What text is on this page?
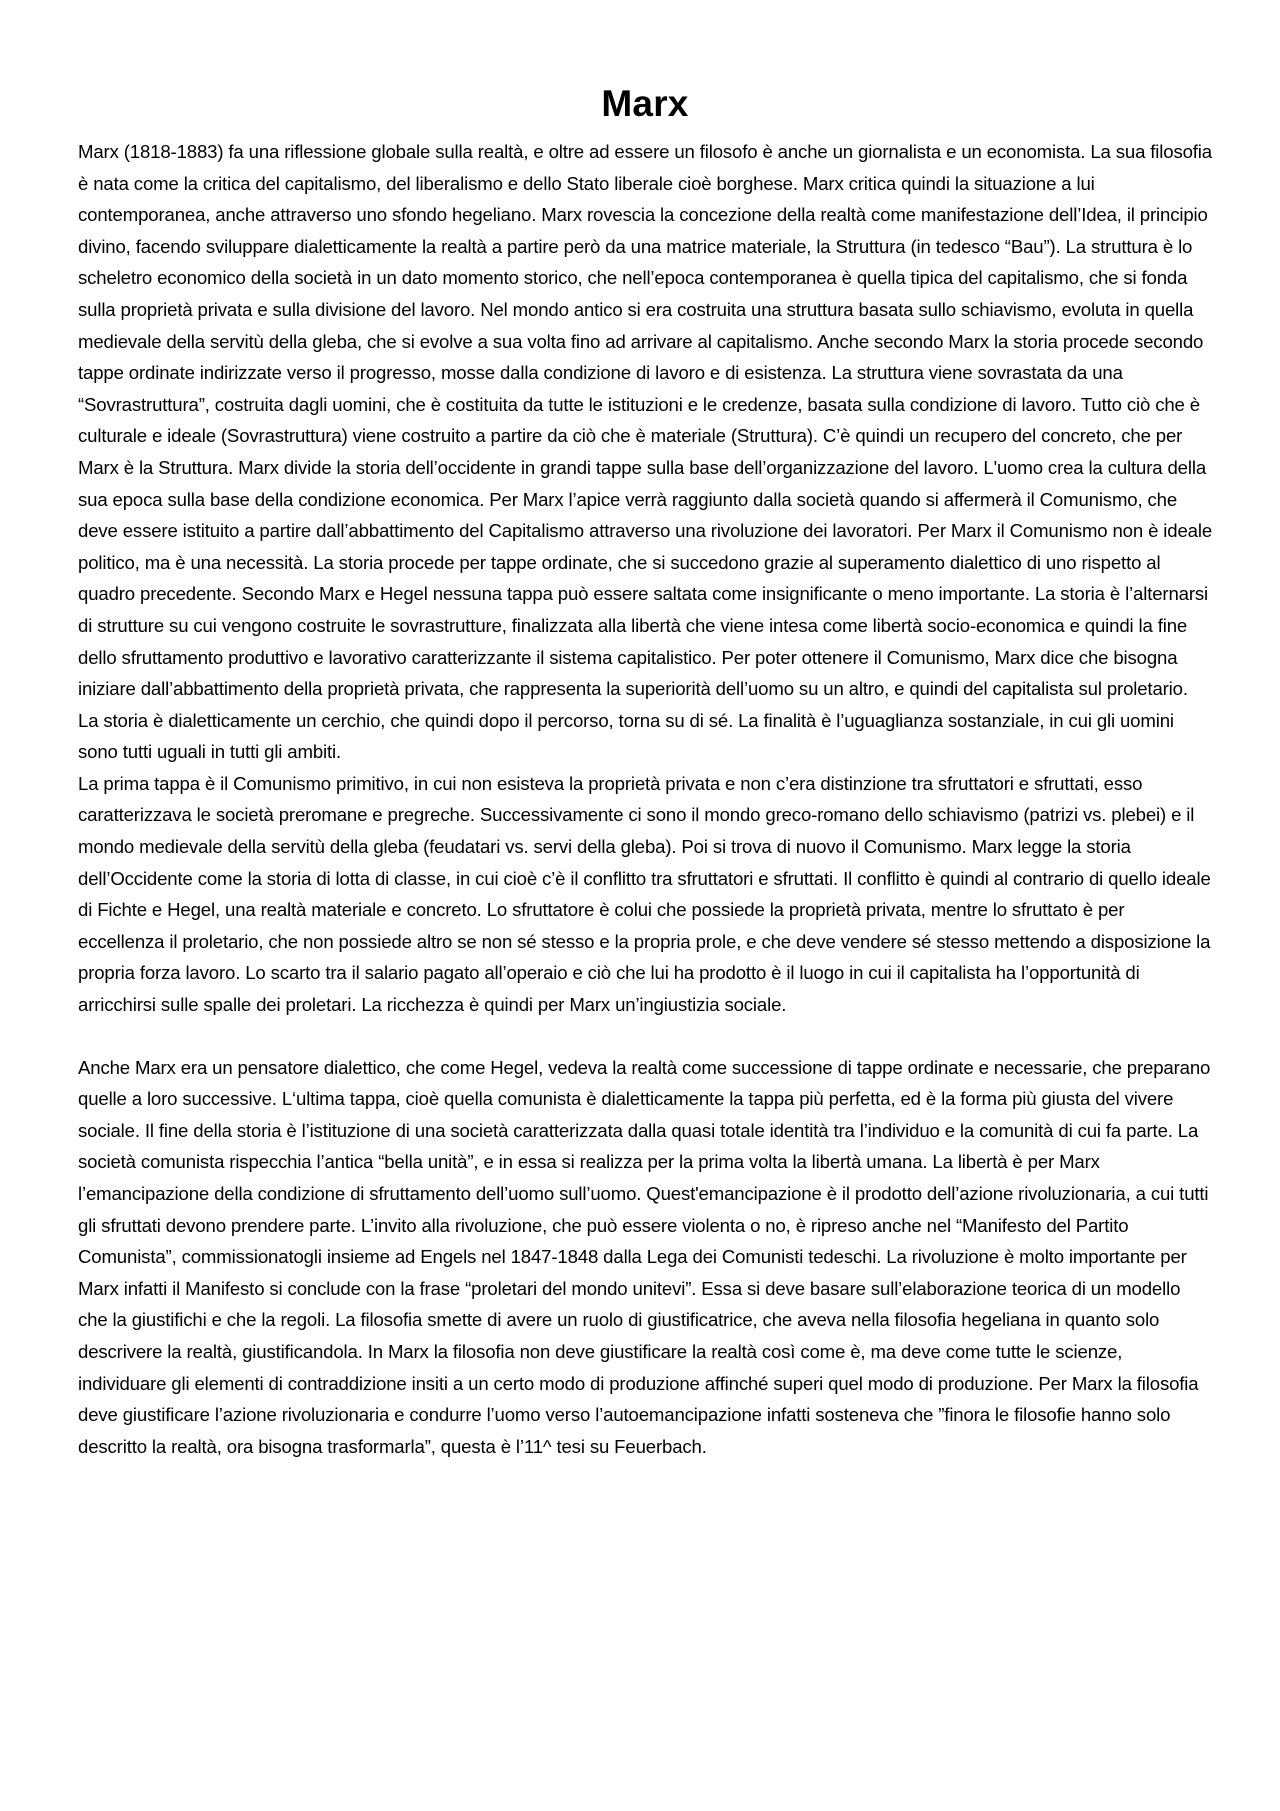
Marx

Marx (1818-1883) fa una riflessione globale sulla realtà, e oltre ad essere un filosofo è anche un giornalista e un economista. La sua filosofia è nata come la critica del capitalismo, del liberalismo e dello Stato liberale cioè borghese. Marx critica quindi la situazione a lui contemporanea, anche attraverso uno sfondo hegeliano. Marx rovescia la concezione della realtà come manifestazione dell’Idea, il principio divino, facendo sviluppare dialetticamente la realtà a partire però da una matrice materiale, la Struttura (in tedesco “Bau”). La struttura è lo scheletro economico della società in un dato momento storico, che nell’epoca contemporanea è quella tipica del capitalismo, che si fonda sulla proprietà privata e sulla divisione del lavoro. Nel mondo antico si era costruita una struttura basata sullo schiavismo, evoluta in quella medievale della servitù della gleba, che si evolve a sua volta fino ad arrivare al capitalismo. Anche secondo Marx la storia procede secondo tappe ordinate indirizzate verso il progresso, mosse dalla condizione di lavoro e di esistenza. La struttura viene sovrastata da una “Sovrastruttura”, costruita dagli uomini, che è costituita da tutte le istituzioni e le credenze, basata sulla condizione di lavoro. Tutto ciò che è culturale e ideale (Sovrastruttura) viene costruito a partire da ciò che è materiale (Struttura). C’è quindi un recupero del concreto, che per Marx è la Struttura. Marx divide la storia dell’occidente in grandi tappe sulla base dell’organizzazione del lavoro. L'uomo crea la cultura della sua epoca sulla base della condizione economica. Per Marx l’apice verrà raggiunto dalla società quando si affermerà il Comunismo, che deve essere istituito a partire dall’abbattimento del Capitalismo attraverso una rivoluzione dei lavoratori. Per Marx il Comunismo non è ideale politico, ma è una necessità. La storia procede per tappe ordinate, che si succedono grazie al superamento dialettico di uno rispetto al quadro precedente. Secondo Marx e Hegel nessuna tappa può essere saltata come insignificante o meno importante. La storia è l’alternarsi di strutture su cui vengono costruite le sovrastrutture, finalizzata alla libertà che viene intesa come libertà socio-economica e quindi la fine dello sfruttamento produttivo e lavorativo caratterizzante il sistema capitalistico. Per poter ottenere il Comunismo, Marx dice che bisogna iniziare dall’abbattimento della proprietà privata, che rappresenta la superiorità dell’uomo su un altro, e quindi del capitalista sul proletario. La storia è dialetticamente un cerchio, che quindi dopo il percorso, torna su di sé. La finalità è l’uguaglianza sostanziale, in cui gli uomini sono tutti uguali in tutti gli ambiti.

La prima tappa è il Comunismo primitivo, in cui non esisteva la proprietà privata e non c’era distinzione tra sfruttatori e sfruttati, esso caratterizzava le società preromane e pregreche. Successivamente ci sono il mondo greco-romano dello schiavismo (patrizi vs. plebei) e il mondo medievale della servitù della gleba (feudatari vs. servi della gleba). Poi si trova di nuovo il Comunismo. Marx legge la storia dell’Occidente come la storia di lotta di classe, in cui cioè c’è il conflitto tra sfruttatori e sfruttati. Il conflitto è quindi al contrario di quello ideale di Fichte e Hegel, una realtà materiale e concreto. Lo sfruttatore è colui che possiede la proprietà privata, mentre lo sfruttato è per eccellenza il proletario, che non possiede altro se non sé stesso e la propria prole, e che deve vendere sé stesso mettendo a disposizione la propria forza lavoro. Lo scarto tra il salario pagato all’operaio e ciò che lui ha prodotto è il luogo in cui il capitalista ha l’opportunità di arricchirsi sulle spalle dei proletari. La ricchezza è quindi per Marx un’ingiustizia sociale.

Anche Marx era un pensatore dialettico, che come Hegel, vedeva la realtà come successione di tappe ordinate e necessarie, che preparano quelle a loro successive. L‘ultima tappa, cioè quella comunista è dialetticamente la tappa più perfetta, ed è la forma più giusta del vivere sociale. Il fine della storia è l’istituzione di una società caratterizzata dalla quasi totale identità tra l’individuo e la comunità di cui fa parte. La società comunista rispecchia l’antica “bella unità”, e in essa si realizza per la prima volta la libertà umana. La libertà è per Marx l’emancipazione della condizione di sfruttamento dell’uomo sull’uomo. Quest'emancipazione è il prodotto dell’azione rivoluzionaria, a cui tutti gli sfruttati devono prendere parte. L’invito alla rivoluzione, che può essere violenta o no, è ripreso anche nel “Manifesto del Partito Comunista”, commissionatogli insieme ad Engels nel 1847-1848 dalla Lega dei Comunisti tedeschi. La rivoluzione è molto importante per Marx infatti il Manifesto si conclude con la frase “proletari del mondo unitevi”. Essa si deve basare sull’elaborazione teorica di un modello che la giustifichi e che la regoli. La filosofia smette di avere un ruolo di giustificatrice, che aveva nella filosofia hegeliana in quanto solo descrivere la realtà, giustificandola. In Marx la filosofia non deve giustificare la realtà così come è, ma deve come tutte le scienze, individuare gli elementi di contraddizione insiti a un certo modo di produzione affinché superi quel modo di produzione. Per Marx la filosofia deve giustificare l’azione rivoluzionaria e condurre l’uomo verso l’autoemancipazione infatti sosteneva che ”finora le filosofie hanno solo descritto la realtà, ora bisogna trasformarla”, questa è l’11^ tesi su Feuerbach.
